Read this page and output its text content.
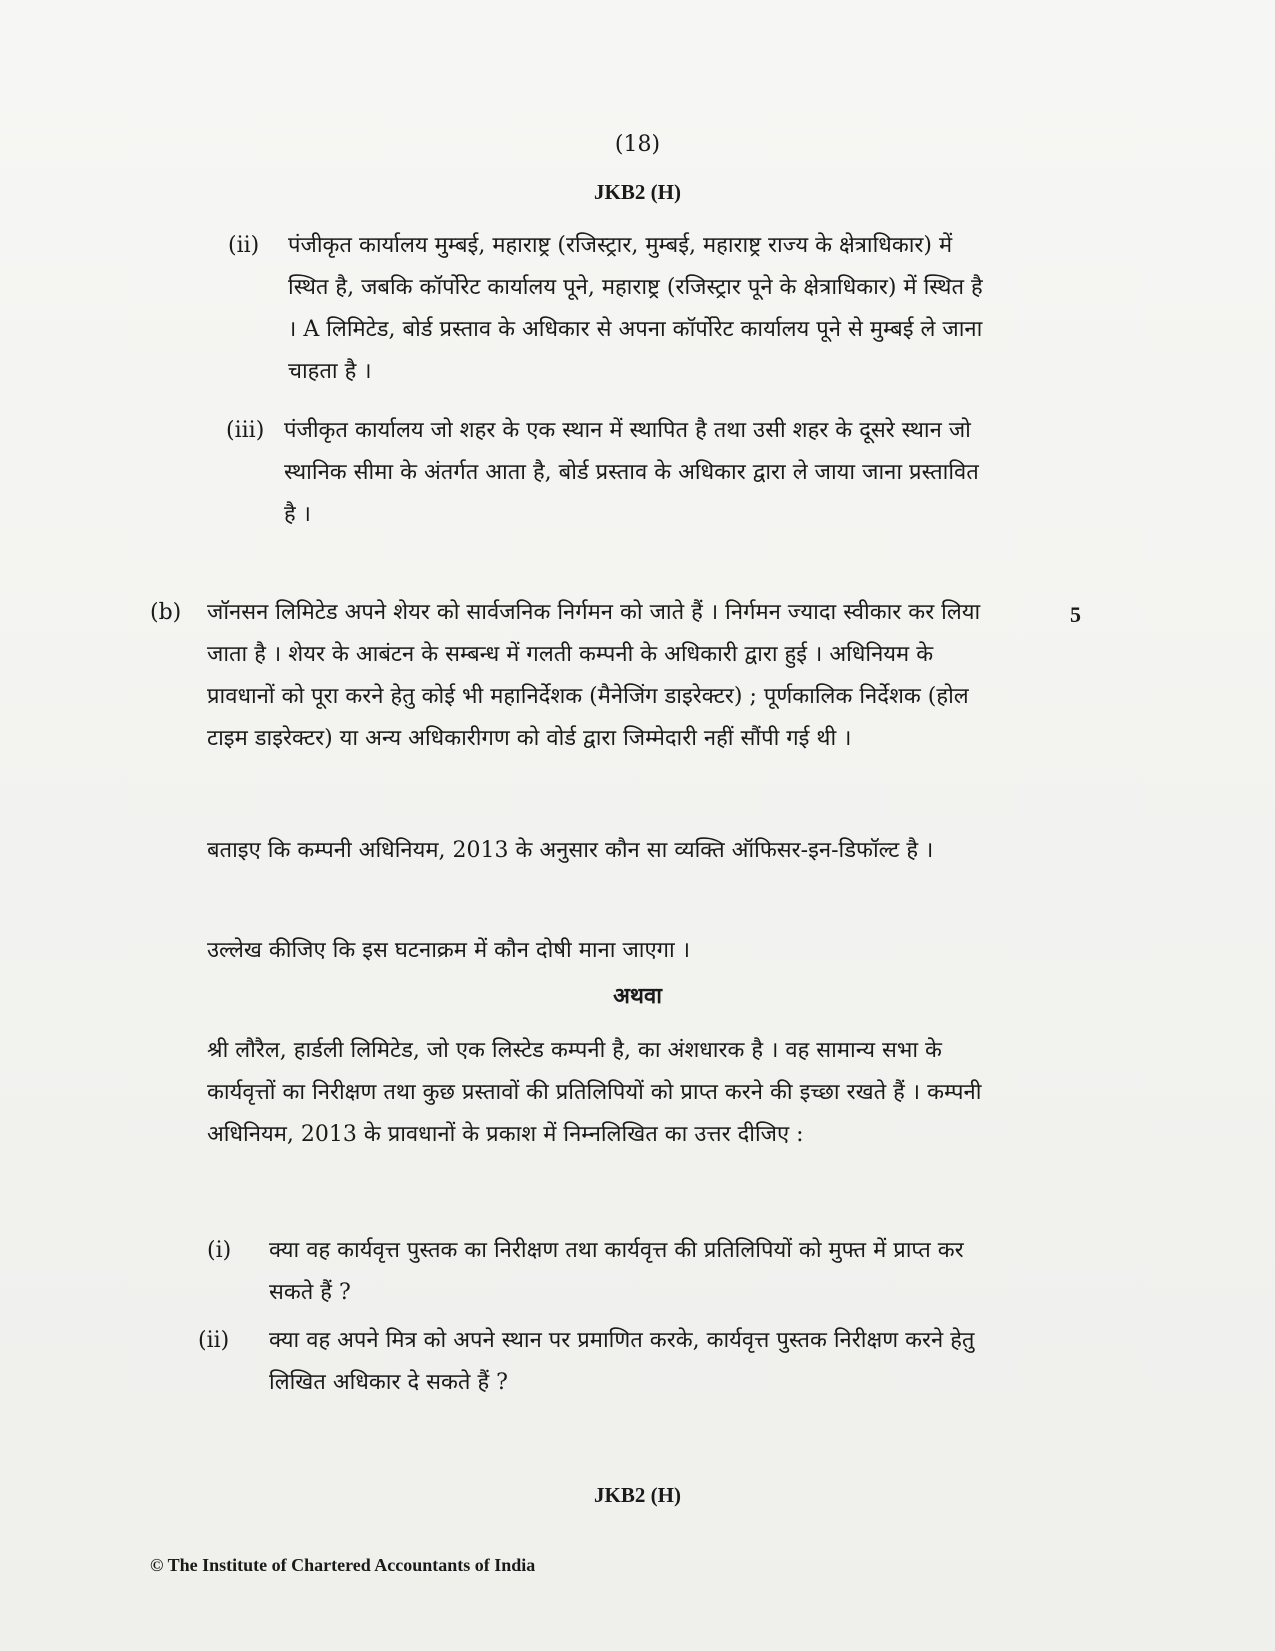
(18)
JKB2 (H)
(ii) पंजीकृत कार्यालय मुम्बई, महाराष्ट्र (रजिस्ट्रार, मुम्बई, महाराष्ट्र राज्य के क्षेत्राधिकार) में स्थित है, जबकि कॉर्पोरेट कार्यालय पूने, महाराष्ट्र (रजिस्ट्रार पूने के क्षेत्राधिकार) में स्थित है । A लिमिटेड, बोर्ड प्रस्ताव के अधिकार से अपना कॉर्पोरेट कार्यालय पूने से मुम्बई ले जाना चाहता है ।
(iii) पंजीकृत कार्यालय जो शहर के एक स्थान में स्थापित है तथा उसी शहर के दूसरे स्थान जो स्थानिक सीमा के अंतर्गत आता है, बोर्ड प्रस्ताव के अधिकार द्वारा ले जाया जाना प्रस्तावित है ।
(b) जॉनसन लिमिटेड अपने शेयर को सार्वजनिक निर्गमन को जाते हैं । निर्गमन ज्यादा स्वीकार कर लिया जाता है । शेयर के आबंटन के सम्बन्ध में गलती कम्पनी के अधिकारी द्वारा हुई । अधिनियम के प्रावधानों को पूरा करने हेतु कोई भी महानिर्देशक (मैनेजिंग डाइरेक्टर) ; पूर्णकालिक निर्देशक (होल टाइम डाइरेक्टर) या अन्य अधिकारीगण को वोर्ड द्वारा जिम्मेदारी नहीं सौंपी गई थी ।
5
बताइए कि कम्पनी अधिनियम, 2013 के अनुसार कौन सा व्यक्ति ऑफिसर-इन-डिफॉल्ट है ।
उल्लेख कीजिए कि इस घटनाक्रम में कौन दोषी माना जाएगा ।
अथवा
श्री लौरैल, हार्डली लिमिटेड, जो एक लिस्टेड कम्पनी है, का अंशधारक है । वह सामान्य सभा के कार्यवृत्तों का निरीक्षण तथा कुछ प्रस्तावों की प्रतिलिपियों को प्राप्त करने की इच्छा रखते हैं । कम्पनी अधिनियम, 2013 के प्रावधानों के प्रकाश में निम्नलिखित का उत्तर दीजिए :
(i) क्या वह कार्यवृत्त पुस्तक का निरीक्षण तथा कार्यवृत्त की प्रतिलिपियों को मुफ्त में प्राप्त कर सकते हैं ?
(ii) क्या वह अपने मित्र को अपने स्थान पर प्रमाणित करके, कार्यवृत्त पुस्तक निरीक्षण करने हेतु लिखित अधिकार दे सकते हैं ?
JKB2 (H)
© The Institute of Chartered Accountants of India
